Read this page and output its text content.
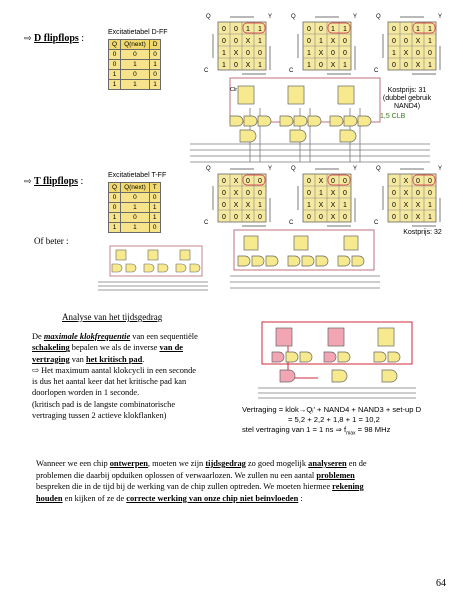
⇨ D flipflops :
Excitatietabel D-FF
Q	Q(next)	D
0	0	0
0	1	1
1	0	0
1	1	1
0 0 1 1
0 0 X 1
1 X 0 0
1 0 X 1
Q	Y
C
0 0 1 1
0 1 X 0
1 X 0 0
1 0 X 1
Q	Y
C
0 0 1 1
0 0 X 1
1 X 0 0
0 0 X 1
Q	Y
C
Clr	Kostprijs: 31
(dubbel gebruik
NAND4)
1,5 CLB
⇨ T flipflops :
Excitatietabel T-FF
Q	Q(next)	T
0	0	0
0	1	1
1	0	1
1	1	0
0 X 0 0
0 X 0 0
0 X X 1
0 0 X 0
Q	Y
C
0 X 0 0
0 1 X 0
1 X X 1
0 0 X 0
Q	Y
C
0 X 0 0
0 X 0 0
0 X X 1
0 0 X 1
Q	Y
C
Kostprijs: 32
Of beter :
Analyse van het tijdsgedrag
De maximale klokfrequentie van een sequentiële
schakeling bepalen we als de inverse van de
vertraging van het kritisch pad.
⇨ Het maximum aantal klokcycli in een seconde
is dus het aantal keer dat het kritische pad kan
doorlopen worden in 1 seconde.
(kritisch pad is de langste combinatorische
vertraging tussen 2 actieve klokflanken)
Vertraging = klok→Qᵢ' + NAND4 + NAND3 + set-up D
= 5,2 + 2,2 + 1,8 + 1 = 10,2
stel vertraging van 1 = 1 ns ⇒ $f_{max} = 98$ MHz
Wanneer we een chip ontwerpen, moeten we zijn tijdsgedrag zo goed mogelijk analyseren en de
problemen die daarbij opduiken oplossen of verwaarlozen. We zullen nu een aantal problemen
bespreken die in de tijd bij de werking van de chip zullen optreden. We moeten hiermee rekening
houden en kijken of ze de correcte werking van onze chip niet beïnvloeden :
64
